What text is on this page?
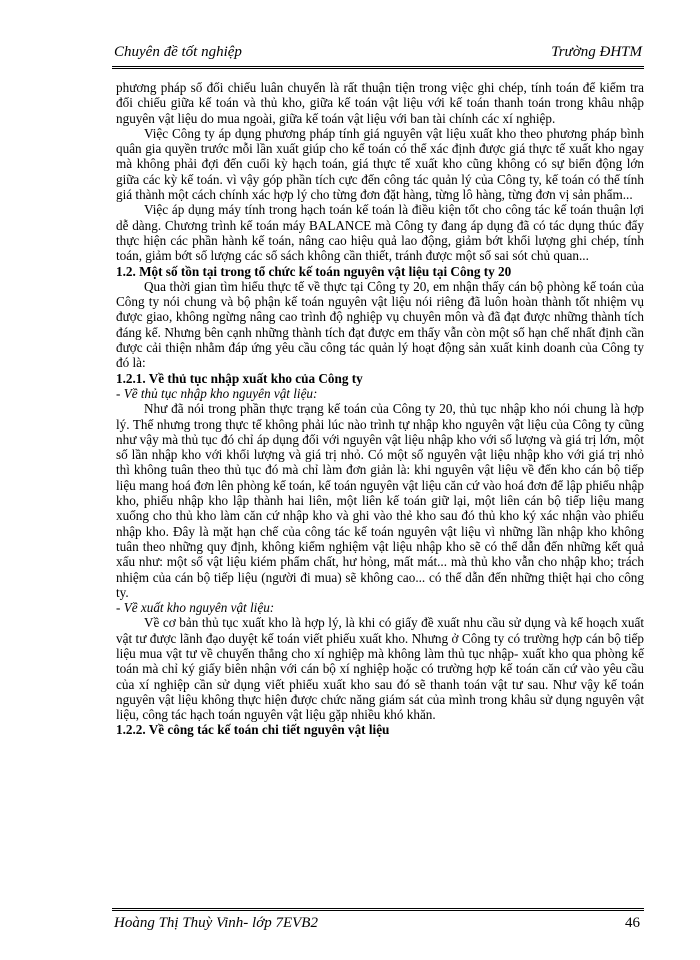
Chuyên đề tốt nghiệp	Trường ĐHTM

phương pháp sổ đối chiếu luân chuyển là rất thuận tiện trong việc ghi chép, tính toán để kiểm tra đối chiếu giữa kế toán và thủ kho, giữa kế toán vật liệu với kế toán thanh toán trong khâu nhập nguyên vật liệu do mua ngoài, giữa kế toán vật liệu với ban tài chính các xí nghiệp.

Việc Công ty áp dụng phương pháp tính giá nguyên vật liệu xuất kho theo phương pháp bình quân gia quyền trước mỗi lần xuất giúp cho kế toán có thể xác định được giá thực tế xuất kho ngay mà không phải đợi đến cuối kỳ hạch toán, giá thực tế xuất kho cũng không có sự biến động lớn giữa các kỳ kế toán. vì vậy góp phần tích cực đến công tác quản lý của Công ty, kế toán có thể tính giá thành một cách chính xác hợp lý cho từng đơn đặt hàng, từng lô hàng, từng đơn vị sản phẩm...

Việc áp dụng máy tính trong hạch toán kế toán là điều kiện tốt cho công tác kế toán thuận lợi dễ dàng. Chương trình kế toán máy BALANCE mà Công ty đang áp dụng đã có tác dụng thúc đẩy thực hiện các phần hành kế toán, nâng cao hiệu quả lao động, giảm bớt khối lượng ghi chép, tính toán, giảm bớt số lượng các sổ sách không cần thiết, tránh được một số sai sót chủ quan...

1.2. Một số tồn tại trong tổ chức kế toán nguyên vật liệu tại Công ty 20

Qua thời gian tìm hiểu thực tế về thực tại Công ty 20, em nhận thấy cán bộ phòng kế toán của Công ty nói chung và bộ phận kế toán nguyên vật liệu nói riêng đã luôn hoàn thành tốt nhiệm vụ được giao, không ngừng nâng cao trình độ nghiệp vụ chuyên môn và đã đạt được những thành tích đáng kể. Nhưng bên cạnh những thành tích đạt được em thấy vẫn còn một số hạn chế nhất định cần được cải thiện nhằm đáp ứng yêu cầu công tác quản lý hoạt động sản xuất kinh doanh của Công ty đó là:

1.2.1. Về thủ tục nhập xuất kho của Công ty

- Về thủ tục nhập kho nguyên vật liệu:

Như đã nói trong phần thực trạng kế toán của Công ty 20, thủ tục nhập kho nói chung là hợp lý. Thế nhưng trong thực tế không phải lúc nào trình tự nhập kho nguyên vật liệu của Công ty cũng như vậy mà thủ tục đó chỉ áp dụng đối với nguyên vật liệu nhập kho với số lượng và giá trị lớn, một số lần nhập kho với khối lượng và giá trị nhỏ. Có một số nguyên vật liệu nhập kho với giá trị nhỏ thì không tuân theo thủ tục đó mà chỉ làm đơn giản là: khi nguyên vật liệu về đến kho cán bộ tiếp liệu mang hoá đơn lên phòng kế toán, kế toán nguyên vật liệu căn cứ vào hoá đơn để lập phiếu nhập kho, phiếu nhập kho lập thành hai liên, một liên kế toán giữ lại, một liên cán bộ tiếp liệu mang xuống cho thủ kho làm căn cứ nhập kho và ghi vào thẻ kho sau đó thủ kho ký xác nhận vào phiếu nhập kho. Đây là mặt hạn chế của công tác kế toán nguyên vật liệu vì những lần nhập kho không tuân theo những quy định, không kiểm nghiệm vật liệu nhập kho sẽ có thể dẫn đến những kết quả xấu như: một số vật liệu kiém phẩm chất, hư hỏng, mất mát... mà thủ kho vẫn cho nhập kho; trách nhiệm của cán bộ tiếp liệu (người đi mua) sẽ không cao... có thể dẫn đến những thiệt hại cho công ty.

- Về xuất kho nguyên vật liệu:

Về cơ bản thủ tục xuất kho là hợp lý, là khi có giấy đề xuất nhu cầu sử dụng và kế hoạch xuất vật tư được lãnh đạo duyệt kế toán viết phiếu xuất kho. Nhưng ở Công ty có trường hợp cán bộ tiếp liệu mua vật tư về chuyển thẳng cho xí nghiệp mà không làm thủ tục nhập- xuất kho qua phòng kế toán mà chỉ ký giấy biên nhận với cán bộ xí nghiệp hoặc có trường hợp kế toán căn cứ vào yêu cầu của xí nghiệp cần sử dụng viết phiếu xuất kho sau đó sẽ thanh toán vật tư sau. Như vậy kế toán nguyên vật liệu không thực hiện được chức năng giám sát của mình trong khâu sử dụng nguyên vật liệu, công tác hạch toán nguyên vật liệu gặp nhiều khó khăn.

1.2.2. Về công tác kế toán chi tiết nguyên vật liệu

Hoàng Thị Thuỳ Vinh- lớp 7EVB2	46
